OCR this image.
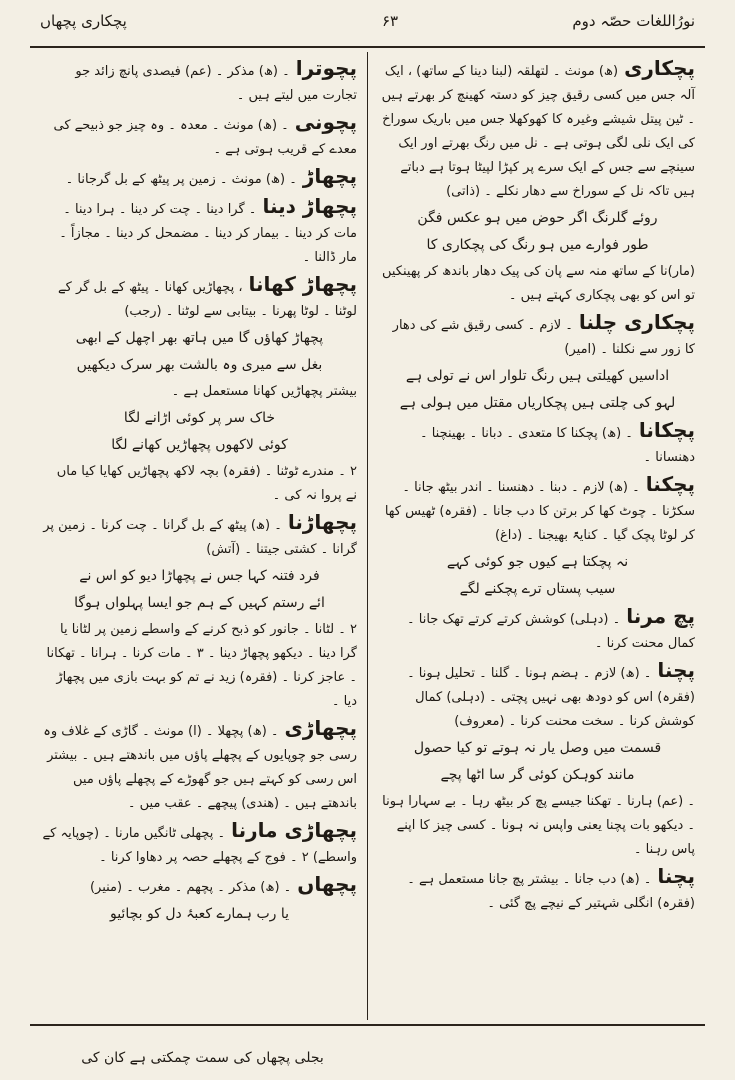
پچکاری پچھاں	۶۳	نورُاللغات حصّہ دوم
پچکاری(ھ) مونث ۔ لتھلقہ (لبنا دینا کے ساتھ) ، ایک آلہ جس میں کسی رقیق چیز کو دستہ کھینچ کر بھرتے ہیں ۔ ٹین پیتل شیشے وغیرہ کا کھوکھلا جس میں باریک سوراخ کی ایک نلی لگی ہوتی ہے ۔ نل میں رنگ بھرتے اور ایک سینچے سے جس کے ایک سرے پر کپڑا لپیٹا ہوتا ہے دباتے ہیں تاکہ نل کے سوراخ سے دھار نکلے ۔ (ذاتی)
روئے گلرنگ اگر حوض میں ہو عکس فگن
طور فوارے میں ہو رنگ کی پچکاری کا
(مار)نا کے ساتھ منہ سے پان کی پیک دھار باندھ کر پھینکیں تو اس کو بھی پچکاری کہتے ہیں ۔
پچکاری چلنا۔ لازم ۔ کسی رقیق شے کی دھار کا زور سے نکلنا ۔ (امیر)
اداسیں کھیلتی ہیں رنگ تلوار اس نے تولی ہے
لہو کی چلتی ہیں پچکاریاں مقتل میں ہولی ہے
پچکانا۔ (ھ) پچکنا کا متعدی ۔ دبانا ۔ بھینچنا ۔ دھنسانا ۔
پچکنا۔ (ھ) لازم ۔ دبنا ۔ دھنسنا ۔ اندر بیٹھ جانا ۔ سکڑنا ۔ چوٹ کھا کر برتن کا دب جانا ۔ (فقرہ) ٹھیس کھا کر لوٹا پچک گیا ۔ کنایۃً بھیجنا ۔ (داغ)
نہ پچکتا ہے کیوں جو کوئی کہے
سیب پستاں ترے پچکنے لگے
پچ مرنا۔ (دہلی) کوشش کرتے کرتے تھک جانا ۔ کمال محنت کرنا ۔
پچنا۔ (ھ) لازم ۔ ہضم ہونا ۔ گلنا ۔ تحلیل ہونا ۔ (فقرہ) اس کو دودھ بھی نہیں پچتی ۔ (دہلی) کمال کوشش کرنا ۔ سخت محنت کرنا ۔ (معروف)
قسمت میں وصل یار نہ ہوتے تو کیا حصول
مانند کوہکن کوئی گر سا اٹھا پچے
۔ (عم) ہارنا ۔ تھکنا جیسے پچ کر بیٹھ رہا ۔ بے سہارا ہونا ۔ دیکھو بات پچنا یعنی واپس نہ ہونا ۔ کسی چیز کا اپنے پاس رہنا ۔
پچنا۔ (ھ) دب جانا ۔ بیشتر پچ جانا مستعمل ہے ۔ (فقرہ) انگلی شہتیر کے نیچے پچ گئی ۔
پچوترا۔ (ھ) مذکر ۔ (عم) فیصدی پانچ زائد جو تجارت میں لیتے ہیں ۔
پچونی۔ (ھ) مونث ۔ معدہ ۔ وہ چیز جو ذبیحے کی معدے کے قریب ہوتی ہے ۔
پچھاڑ۔ (ھ) مونث ۔ زمین پر پیٹھ کے بل گرجانا ۔
پچھاڑ دینا۔ گرا دینا ۔ چت کر دینا ۔ ہرا دینا ۔ مات کر دینا ۔ بیمار کر دینا ۔ مضمحل کر دینا ۔ مجازاً ۔ مار ڈالنا ۔
پچھاڑ کھانا، پچھاڑیں کھانا ۔ پیٹھ کے بل گر کے لوٹنا ۔ لوٹا پھرنا ۔ بیتابی سے لوٹنا ۔ (رجب)
پچھاڑ کھاؤں گا میں ہاتھ بھر اچھل کے ابھی
بغل سے میری وہ بالشت بھر سرک دیکھیں
بیشتر پچھاڑیں کھانا مستعمل ہے ۔
خاک سر پر کوئی اڑانے لگا
کوئی لاکھوں پچھاڑیں کھانے لگا
۲ ۔ مندرے ٹوٹنا ۔ (فقرہ) بچہ لاکھ پچھاڑیں کھایا کیا ماں نے پروا نہ کی ۔
پچھاڑنا۔ (ھ) پیٹھ کے بل گرانا ۔ چت کرنا ۔ زمین پر گرانا ۔ کشتی جیتنا ۔ (آتش)
فرد فتنہ کہا جس نے پچھاڑا دیو کو اس نے
ائے رستم کہیں کے ہم جو ایسا پہلواں ہوگا
۲ ۔ لٹانا ۔ جانور کو ذبح کرنے کے واسطے زمین پر لٹانا یا گرا دینا ۔ دیکھو پچھاڑ دینا ۔ ۳ ۔ مات کرنا ۔ ہرانا ۔ تھکانا ۔ عاجز کرنا ۔ (فقرہ) زید نے تم کو بہت بازی میں پچھاڑ دیا ۔
پچھاڑی۔ (ھ) پچھلا ۔ (ا) مونث ۔ گاڑی کے غلاف وہ رسی جو چوپایوں کے پچھلے پاؤں میں باندھتے ہیں ۔ بیشتر اس رسی کو کہتے ہیں جو گھوڑے کے پچھلے پاؤں میں باندھتے ہیں ۔ (ھندی) پیچھے ۔ عقب میں ۔
پچھاڑی مارنا۔ پچھلی ٹانگیں مارنا ۔ (چوپایہ کے واسطے) ۲ ۔ فوج کے پچھلے حصہ پر دھاوا کرنا ۔
پچھاں۔ (ھ) مذکر ۔ پچھم ۔ مغرب ۔ (منیر)
یا رب ہمارے کعبۂ دل کو بچائیو
بجلی پچھاں کی سمت چمکتی ہے کان کی
